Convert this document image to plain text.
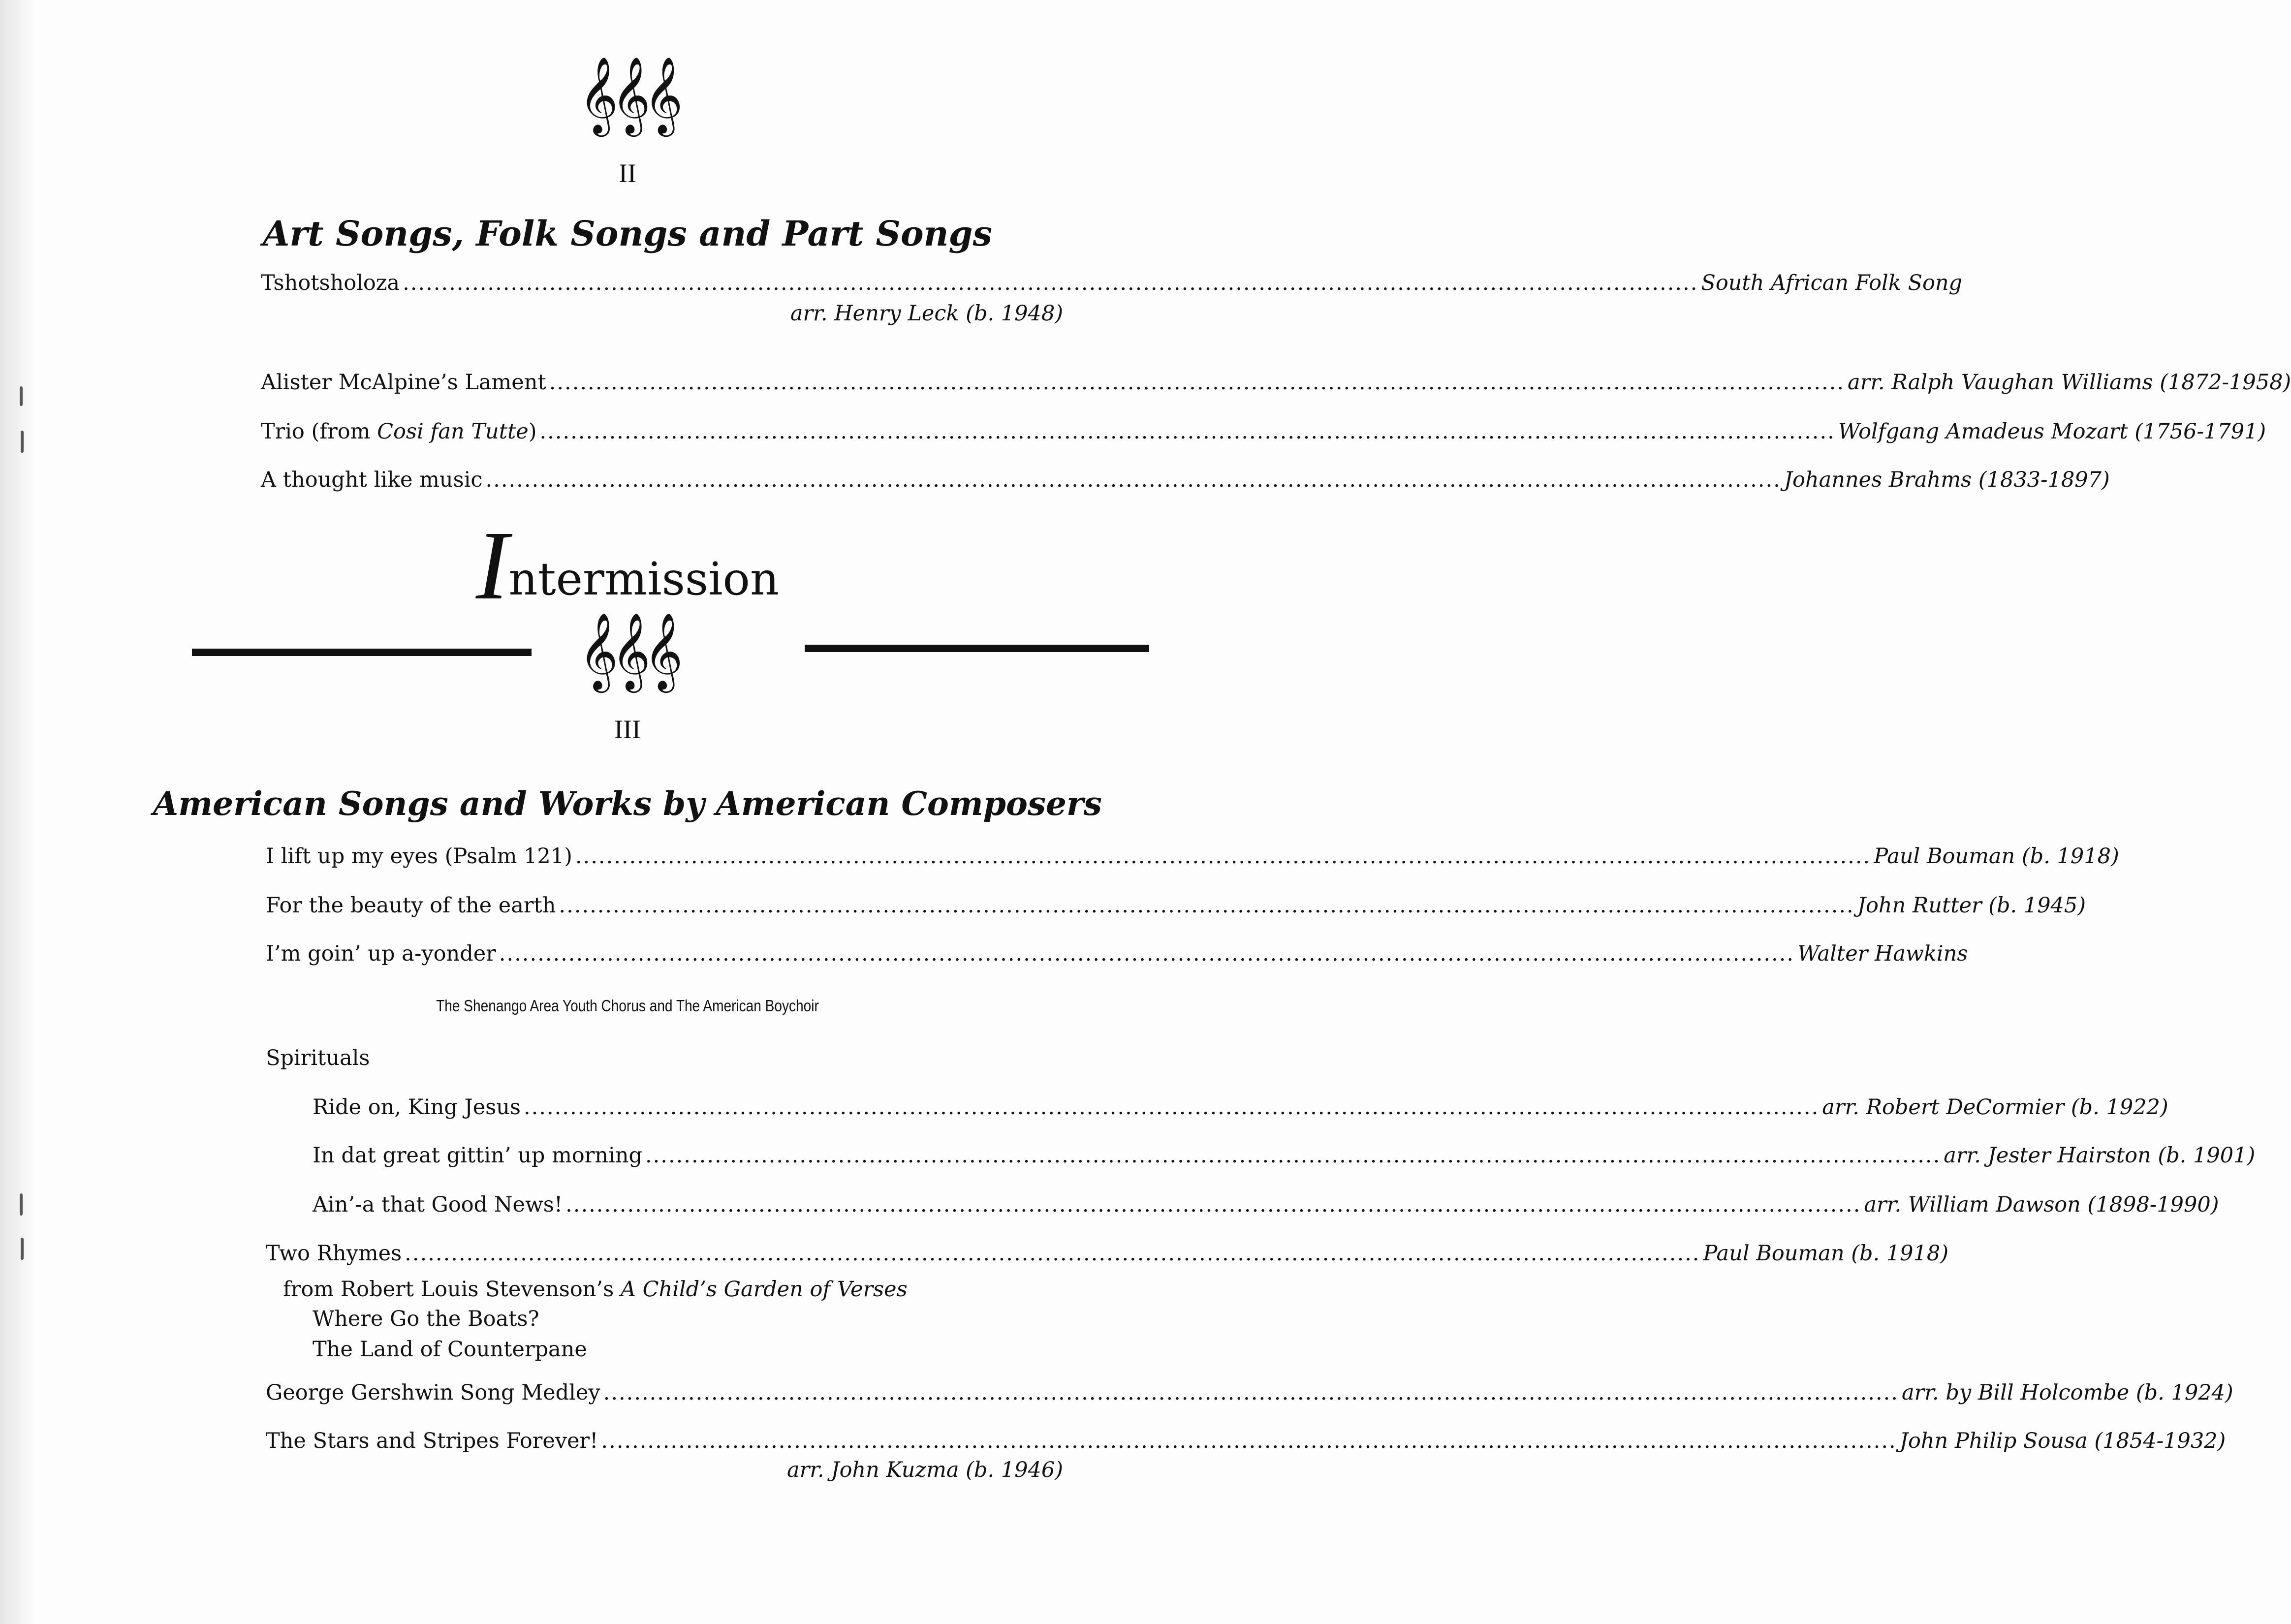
𝄞𝄞𝄞
II
Art Songs, Folk Songs and Part Songs
Tshotsholoza ........................................................................................................................................................................ South African Folk Song
arr. Henry Leck (b. 1948)
Alister McAlpine’s Lament ........................................................................................................................................................................ arr. Ralph Vaughan Williams (1872-1958)
Trio (from Cosi fan Tutte) ........................................................................................................................................................................ Wolfgang Amadeus Mozart (1756-1791)
A thought like music ........................................................................................................................................................................ Johannes Brahms (1833-1897)
Intermission
𝄞𝄞𝄞
III
American Songs and Works by American Composers
I lift up my eyes (Psalm 121) ........................................................................................................................................................................ Paul Bouman (b. 1918)
For the beauty of the earth ........................................................................................................................................................................ John Rutter (b. 1945)
I’m goin’ up a-yonder ........................................................................................................................................................................ Walter Hawkins
The Shenango Area Youth Chorus and The American Boychoir
Spirituals
Ride on, King Jesus ........................................................................................................................................................................ arr. Robert DeCormier (b. 1922)
In dat great gittin’ up morning ........................................................................................................................................................................ arr. Jester Hairston (b. 1901)
Ain’-a that Good News! ........................................................................................................................................................................ arr. William Dawson (1898-1990)
Two Rhymes ........................................................................................................................................................................ Paul Bouman (b. 1918)
from Robert Louis Stevenson’s A Child’s Garden of Verses
Where Go the Boats?
The Land of Counterpane
George Gershwin Song Medley ........................................................................................................................................................................ arr. by Bill Holcombe (b. 1924)
The Stars and Stripes Forever! ........................................................................................................................................................................ John Philip Sousa (1854-1932)
arr. John Kuzma (b. 1946)
